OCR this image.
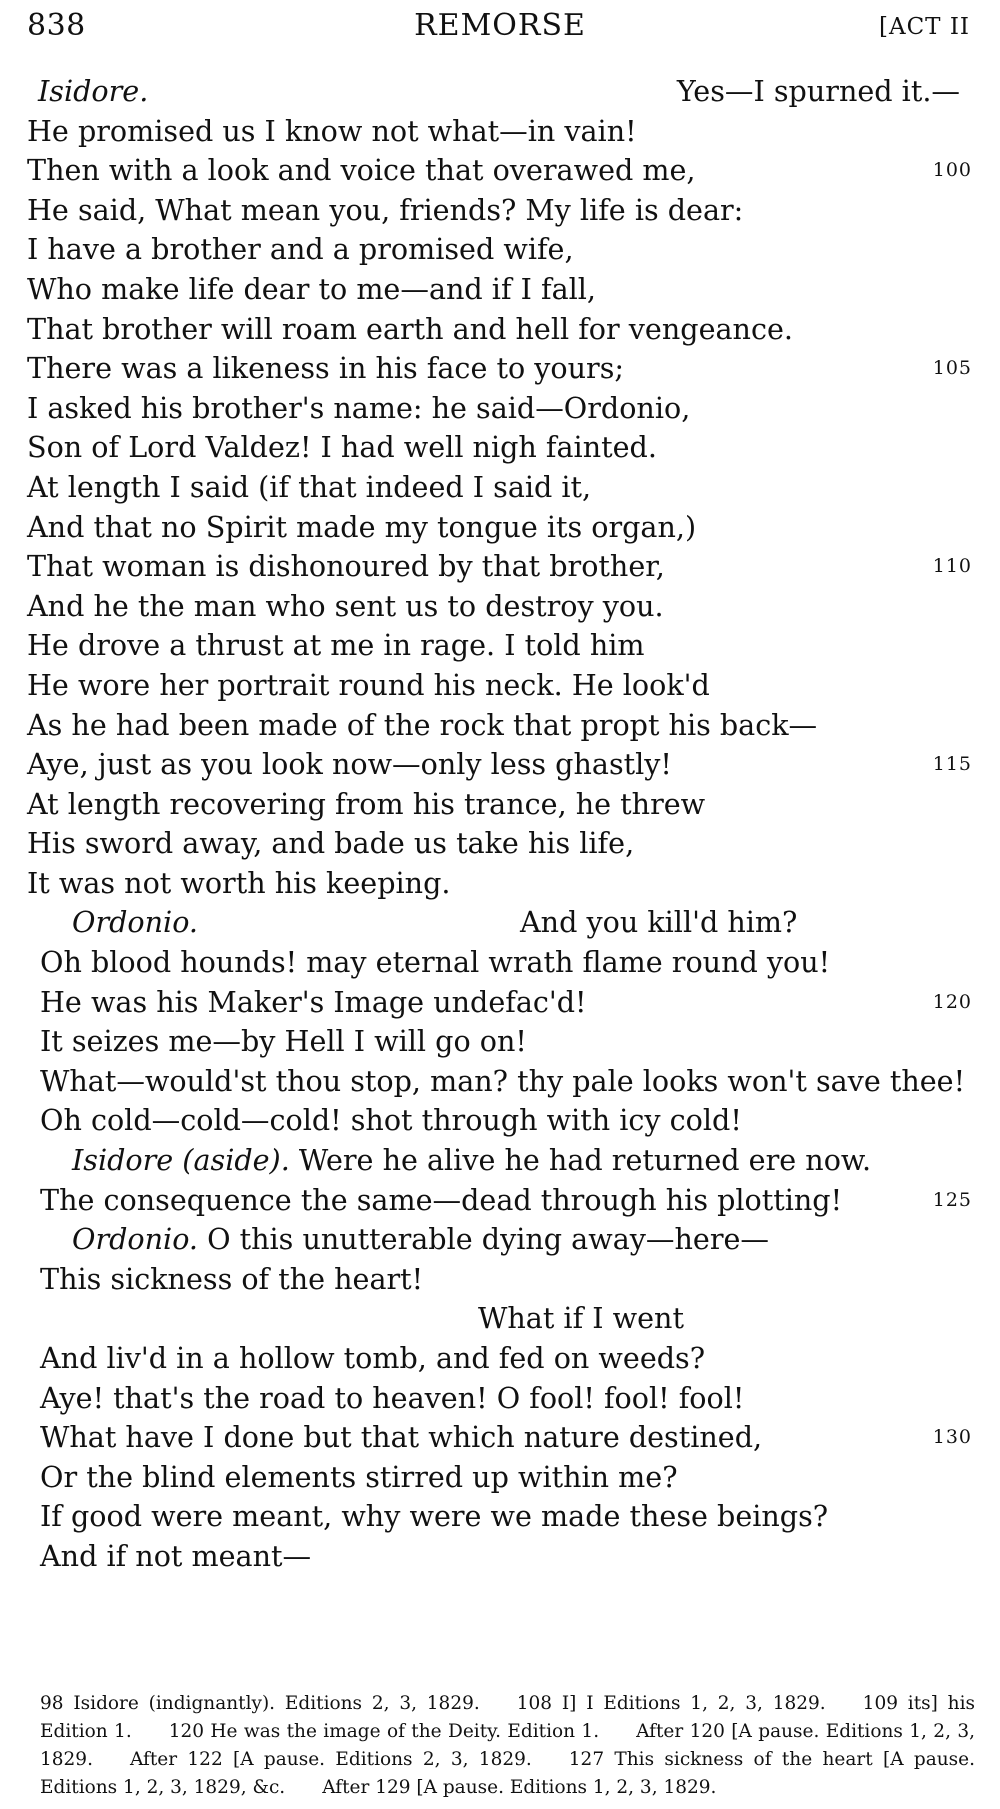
838	REMORSE	[ACT II
Isidore.	Yes—I spurned it.—
He promised us I know not what—in vain!
Then with a look and voice that overawed me,	100
He said, What mean you, friends? My life is dear:
I have a brother and a promised wife,
Who make life dear to me—and if I fall,
That brother will roam earth and hell for vengeance.
There was a likeness in his face to yours;	105
I asked his brother's name: he said—Ordonio,
Son of Lord Valdez! I had well nigh fainted.
At length I said (if that indeed I said it,
And that no Spirit made my tongue its organ,)
That woman is dishonoured by that brother,	110
And he the man who sent us to destroy you.
He drove a thrust at me in rage. I told him
He wore her portrait round his neck. He look'd
As he had been made of the rock that propt his back—
Aye, just as you look now—only less ghastly!	115
At length recovering from his trance, he threw
His sword away, and bade us take his life,
It was not worth his keeping.
Ordonio.	And you kill'd him?
Oh blood hounds! may eternal wrath flame round you!
He was his Maker's Image undefac'd!	120
It seizes me—by Hell I will go on!
What—would'st thou stop, man? thy pale looks won't save thee!
Oh cold—cold—cold! shot through with icy cold!
Isidore (aside). Were he alive he had returned ere now.
The consequence the same—dead through his plotting!	125
Ordonio. O this unutterable dying away—here—
This sickness of the heart!
What if I went
And liv'd in a hollow tomb, and fed on weeds?
Aye! that's the road to heaven! O fool! fool! fool!
What have I done but that which nature destined,	130
Or the blind elements stirred up within me?
If good were meant, why were we made these beings?
And if not meant—
98 Isidore (indignantly). Editions 2, 3, 1829.   108 I] I Editions 1, 2, 3, 1829.   109 its] his Edition 1.   120 He was the image of the Deity. Edition 1.   After 120 [A pause. Editions 1, 2, 3, 1829.   After 122 [A pause. Editions 2, 3, 1829.   127 This sickness of the heart [A pause. Editions 1, 2, 3, 1829, &c.   After 129 [A pause. Editions 1, 2, 3, 1829.  
